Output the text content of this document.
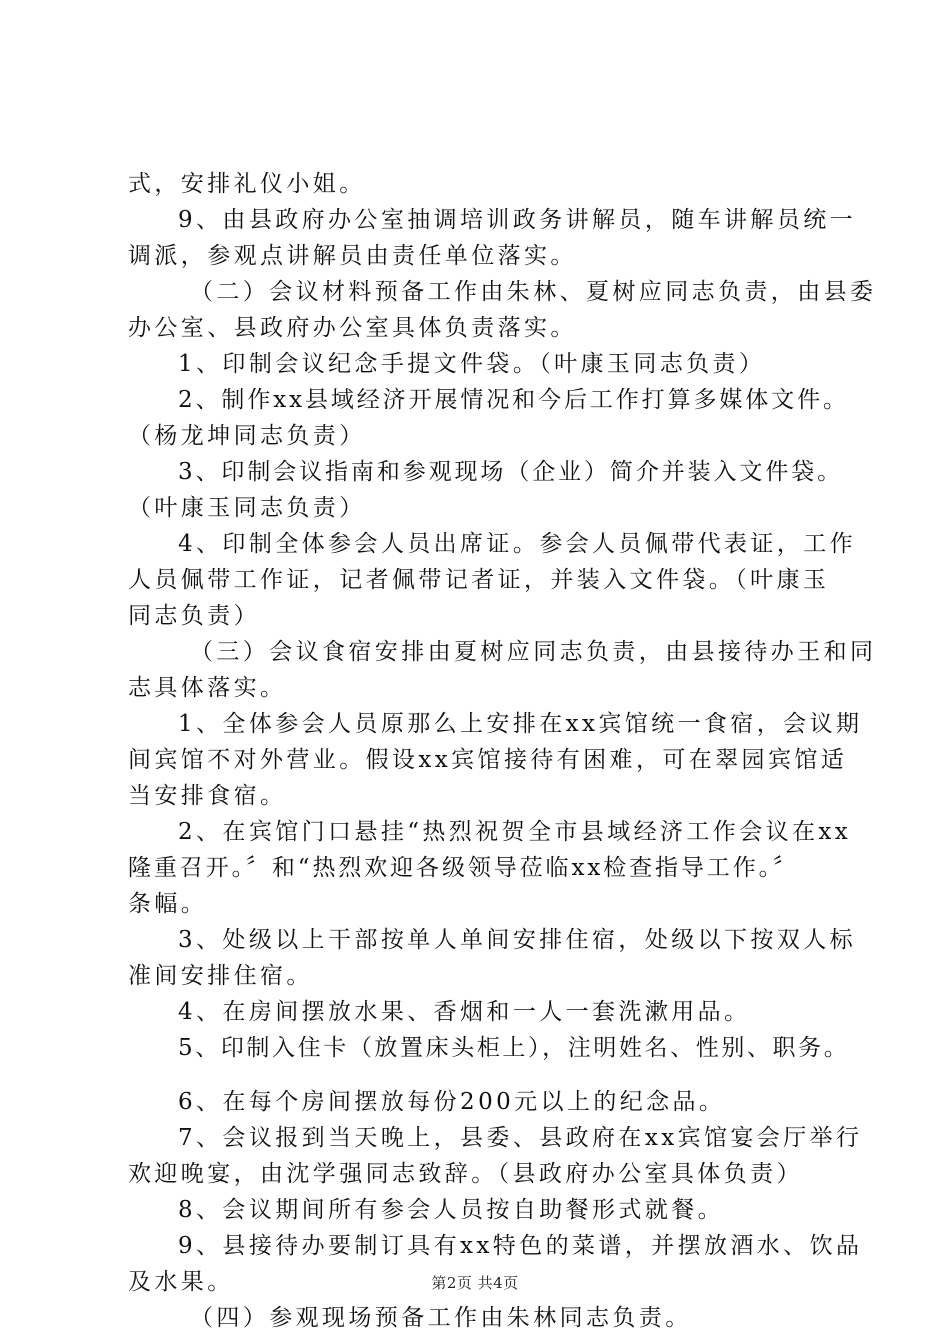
式，安排礼仪小姐。
9、由县政府办公室抽调培训政务讲解员，随车讲解员统一
调派，参观点讲解员由责任单位落实。
（二）会议材料预备工作由朱林、夏树应同志负责，由县委
办公室、县政府办公室具体负责落实。
1、印制会议纪念手提文件袋。（叶康玉同志负责）
2、制作xx县域经济开展情况和今后工作打算多媒体文件。
（杨龙坤同志负责）
3、印制会议指南和参观现场（企业）简介并装入文件袋。
（叶康玉同志负责）
4、印制全体参会人员出席证。参会人员佩带代表证，工作
人员佩带工作证，记者佩带记者证，并装入文件袋。（叶康玉
同志负责）
（三）会议食宿安排由夏树应同志负责，由县接待办王和同
志具体落实。
1、全体参会人员原那么上安排在xx宾馆统一食宿，会议期
间宾馆不对外营业。假设xx宾馆接待有困难，可在翠园宾馆适
当安排食宿。
2、在宾馆门口悬挂“热烈祝贺全市县域经济工作会议在xx
隆重召开。〞和“热烈欢迎各级领导莅临xx检查指导工作。〞
条幅。
3、处级以上干部按单人单间安排住宿，处级以下按双人标
准间安排住宿。
4、在房间摆放水果、香烟和一人一套洗漱用品。
5、印制入住卡（放置床头柜上），注明姓名、性别、职务。
6、在每个房间摆放每份200元以上的纪念品。
7、会议报到当天晚上，县委、县政府在xx宾馆宴会厅举行
欢迎晚宴，由沈学强同志致辞。（县政府办公室具体负责）
8、会议期间所有参会人员按自助餐形式就餐。
9、县接待办要制订具有xx特色的菜谱，并摆放酒水、饮品
及水果。
（四）参观现场预备工作由朱林同志负责。
第2页 共4页
